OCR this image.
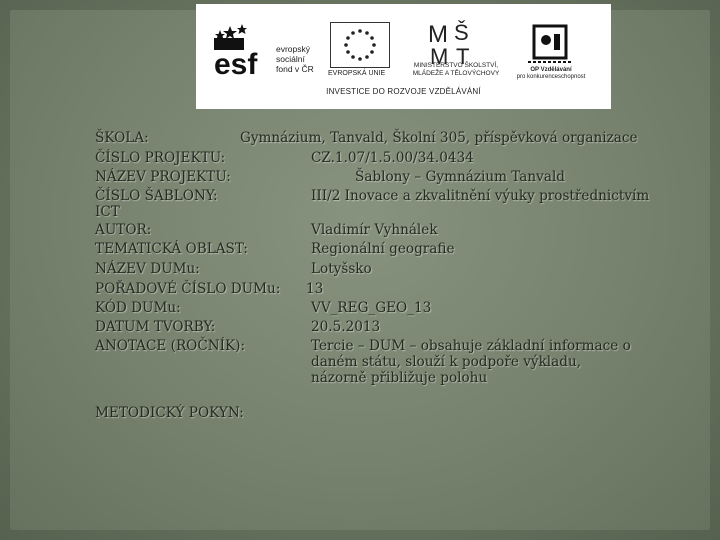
esf evropský
sociální
fond v ČR EVROPSKÁ UNIE
M Š
M T
MINISTERSTVO ŠKOLSTVÍ,
MLÁDEŽE A TĚLOVÝCHOVY	OP Vzdělávání
pro konkurenceschopnost
INVESTICE DO ROZVOJE VZDĚLÁVÁNÍ
ŠKOLA:	Gymnázium, Tanvald, Školní 305, příspěvková organizace
ČÍSLO PROJEKTU:	CZ.1.07/1.5.00/34.0434
NÁZEV PROJEKTU:	Šablony – Gymnázium Tanvald
ČÍSLO ŠABLONY:	III/2 Inovace a zkvalitnění výuky prostřednictvím
ICT
AUTOR:	Vladimír Vyhnálek
TEMATICKÁ OBLAST:	Regionální geografie
NÁZEV DUMu:	Lotyšsko
POŘADOVÉ ČÍSLO DUMu: 13
KÓD DUMu:	VV_REG_GEO_13
DATUM TVORBY:	20.5.2013
ANOTACE (ROČNÍK):	Tercie – DUM – obsahuje základní informace o
daném státu, slouží k podpoře výkladu,
názorně přibližuje polohu
METODICKÝ POKYN:
